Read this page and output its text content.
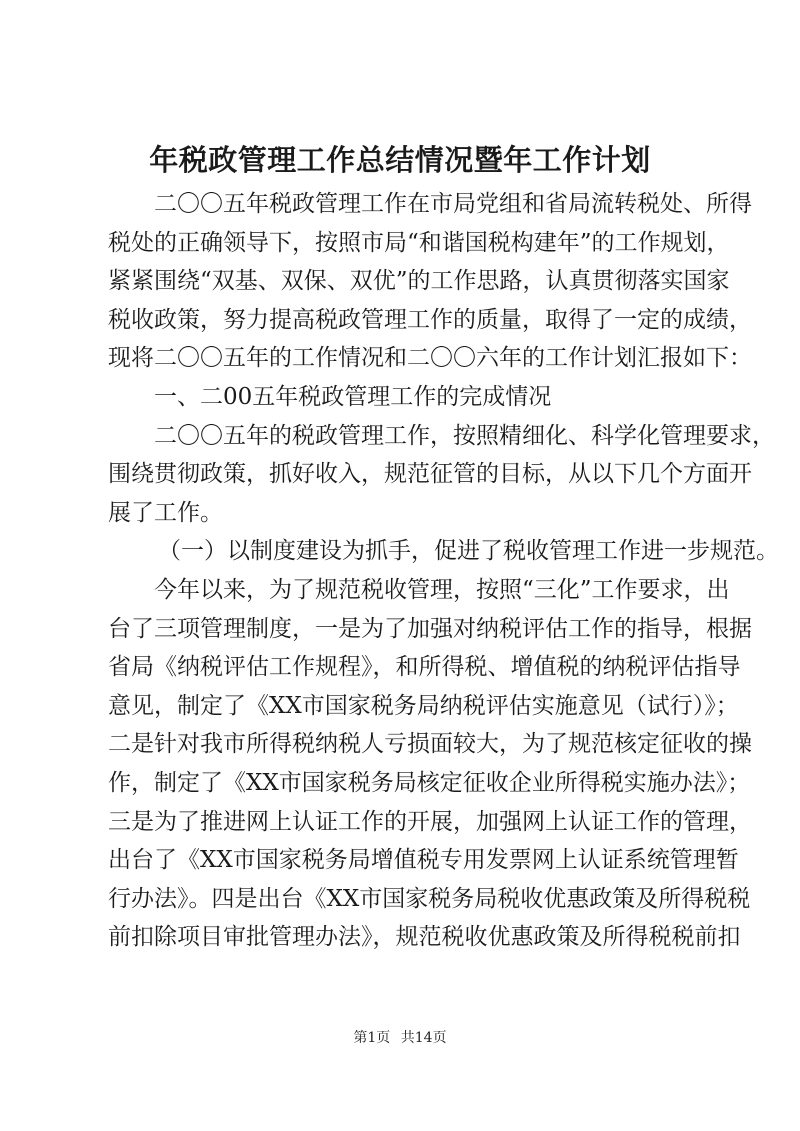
年税政管理工作总结情况暨年工作计划

二〇〇五年税政管理工作在市局党组和省局流转税处、所得
税处的正确领导下，按照市局“和谐国税构建年”的工作规划，
紧紧围绕“双基、双保、双优”的工作思路，认真贯彻落实国家
税收政策，努力提高税政管理工作的质量，取得了一定的成绩，
现将二〇〇五年的工作情况和二〇〇六年的工作计划汇报如下：

一、二00五年税政管理工作的完成情况

二〇〇五年的税政管理工作，按照精细化、科学化管理要求，
围绕贯彻政策，抓好收入，规范征管的目标，从以下几个方面开
展了工作。

（一）以制度建设为抓手，促进了税收管理工作进一步规范。

今年以来，为了规范税收管理，按照“三化”工作要求，出
台了三项管理制度，一是为了加强对纳税评估工作的指导，根据
省局《纳税评估工作规程》，和所得税、增值税的纳税评估指导
意见，制定了《XX市国家税务局纳税评估实施意见（试行）》；
二是针对我市所得税纳税人亏损面较大，为了规范核定征收的操
作，制定了《XX市国家税务局核定征收企业所得税实施办法》；
三是为了推进网上认证工作的开展，加强网上认证工作的管理，
出台了《XX市国家税务局增值税专用发票网上认证系统管理暂
行办法》。四是出台《XX市国家税务局税收优惠政策及所得税税
前扣除项目审批管理办法》，规范税收优惠政策及所得税税前扣

第1页 共14页
